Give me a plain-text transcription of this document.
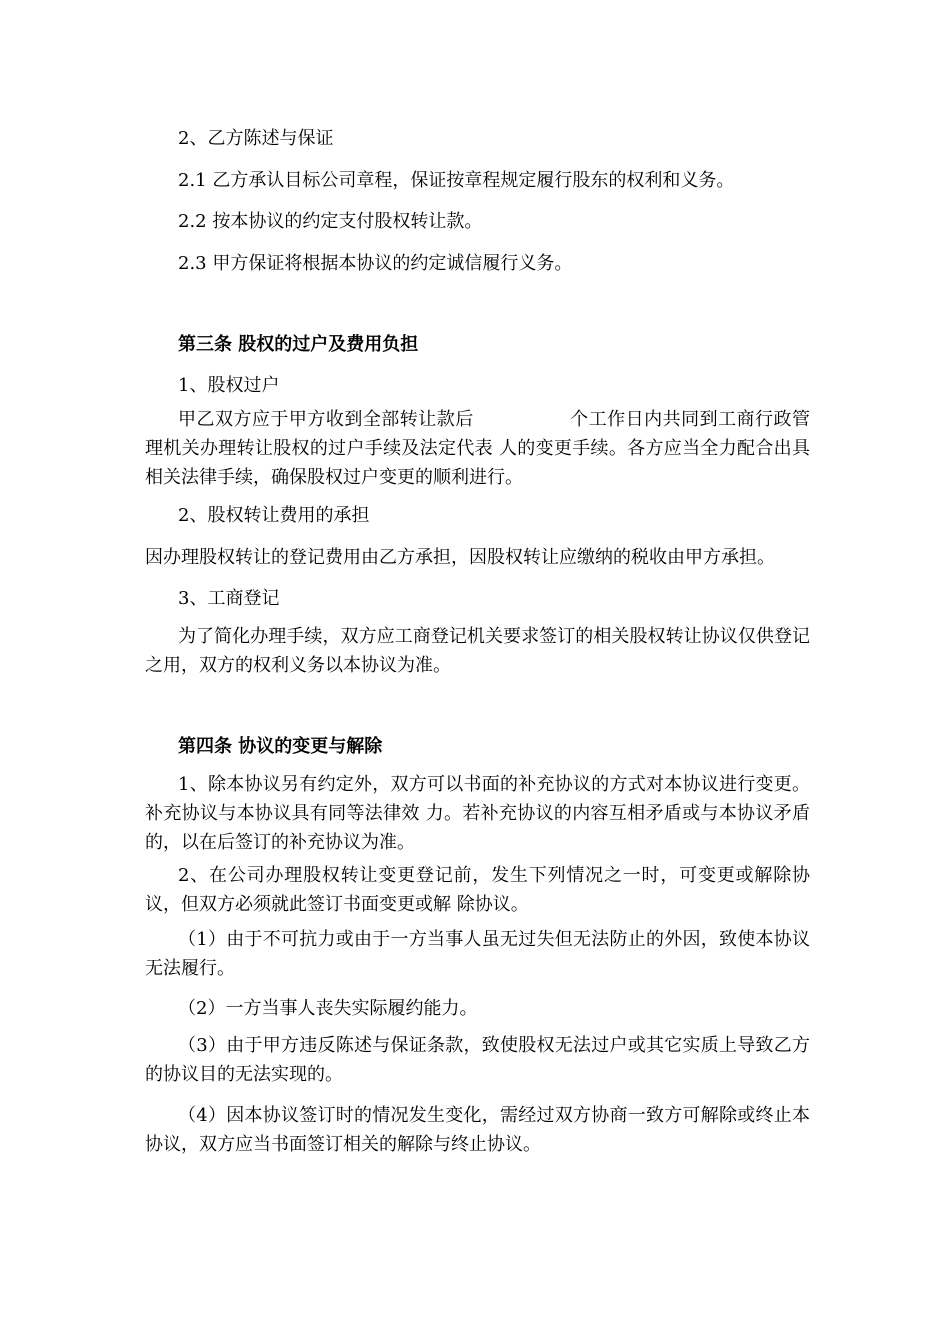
2、乙方陈述与保证

2.1 乙方承认目标公司章程，保证按章程规定履行股东的权利和义务。

2.2 按本协议的约定支付股权转让款。

2.3 甲方保证将根据本协议的约定诚信履行义务。

第三条 股权的过户及费用负担

1、股权过户

甲乙双方应于甲方收到全部转让款后	个工作日内共同到工商行政管理机关办理转让股权的过户手续及法定代表 人的变更手续。各方应当全力配合出具相关法律手续，确保股权过户变更的顺利进行。

2、股权转让费用的承担

因办理股权转让的登记费用由乙方承担，因股权转让应缴纳的税收由甲方承担。

3、工商登记

为了简化办理手续，双方应工商登记机关要求签订的相关股权转让协议仅供登记之用，双方的权利义务以本协议为准。

第四条 协议的变更与解除

1、除本协议另有约定外，双方可以书面的补充协议的方式对本协议进行变更。补充协议与本协议具有同等法律效 力。若补充协议的内容互相矛盾或与本协议矛盾的，以在后签订的补充协议为准。

2、在公司办理股权转让变更登记前，发生下列情况之一时，可变更或解除协议，但双方必须就此签订书面变更或解 除协议。

（1）由于不可抗力或由于一方当事人虽无过失但无法防止的外因，致使本协议无法履行。

（2）一方当事人丧失实际履约能力。

（3）由于甲方违反陈述与保证条款，致使股权无法过户或其它实质上导致乙方的协议目的无法实现的。

（4）因本协议签订时的情况发生变化，需经过双方协商一致方可解除或终止本协议，双方应当书面签订相关的解除与终止协议。
